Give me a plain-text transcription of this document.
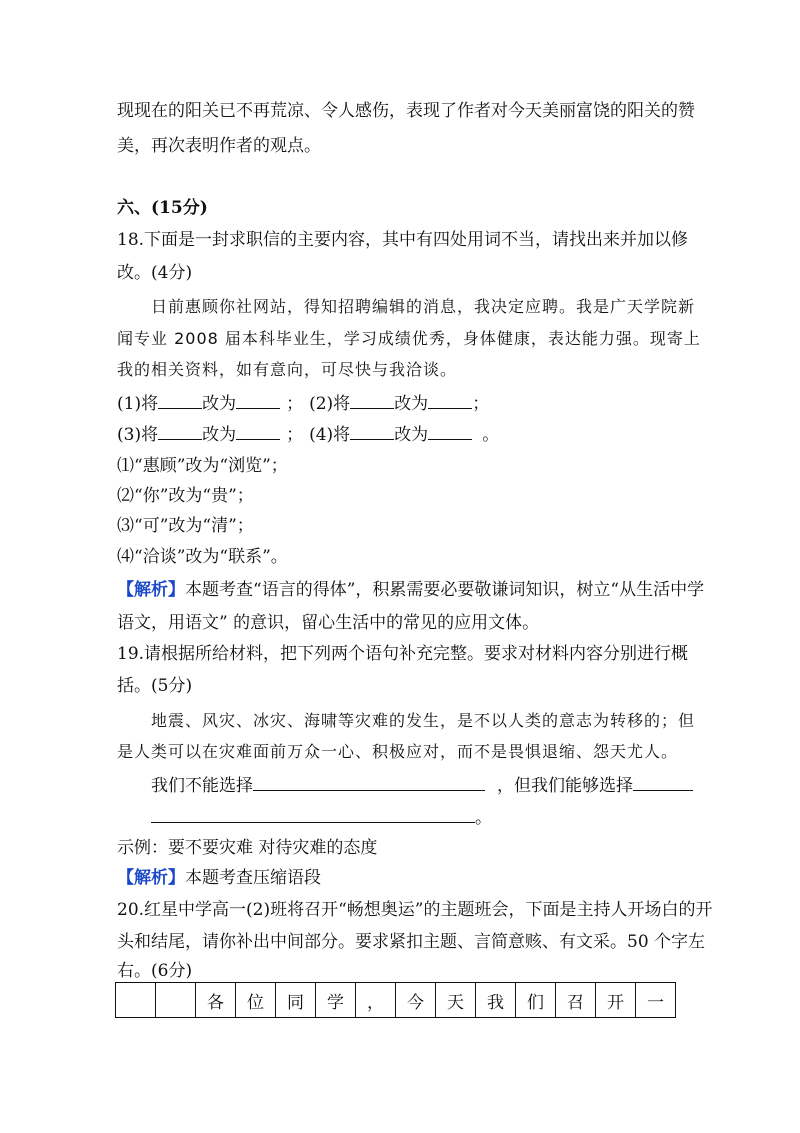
现现在的阳关已不再荒凉、令人感伤，表现了作者对今天美丽富饶的阳关的赞
美，再次表明作者的观点。
六、(15分)
18.下面是一封求职信的主要内容，其中有四处用词不当，请找出来并加以修
改。(4分)
日前惠顾你社网站，得知招聘编辑的消息，我决定应聘。我是广天学院新
闻专业 2008 届本科毕业生，学习成绩优秀，身体健康，表达能力强。现寄上
我的相关资料，如有意向，可尽快与我洽谈。
(1)将	改为	； (2)将	改为	；
(3)将	改为	； (4)将	改为	。
⑴“惠顾”改为“浏览”；
⑵“你”改为“贵”；
⑶“可”改为“清”；
⑷“洽谈”改为“联系”。
【解析】本题考查“语言的得体”，积累需要必要敬谦词知识，树立“从生活中学
语文，用语文” 的意识，留心生活中的常见的应用文体。
19.请根据所给材料，把下列两个语句补充完整。要求对材料内容分别进行概
括。(5分)
地震、风灾、冰灾、海啸等灾难的发生，是不以人类的意志为转移的；但
是人类可以在灾难面前万众一心、积极应对，而不是畏惧退缩、怨天尤人。
我们不能选择	，但我们能够选择
。
示例：要不要灾难 对待灾难的态度
【解析】本题考查压缩语段
20.红星中学高一(2)班将召开“畅想奥运”的主题班会，下面是主持人开场白的开
头和结尾，请你补出中间部分。要求紧扣主题、言简意赅、有文采。50 个字左
右。(6分)
		各	位	同	学	，	今	天	我	们	召	开	一
